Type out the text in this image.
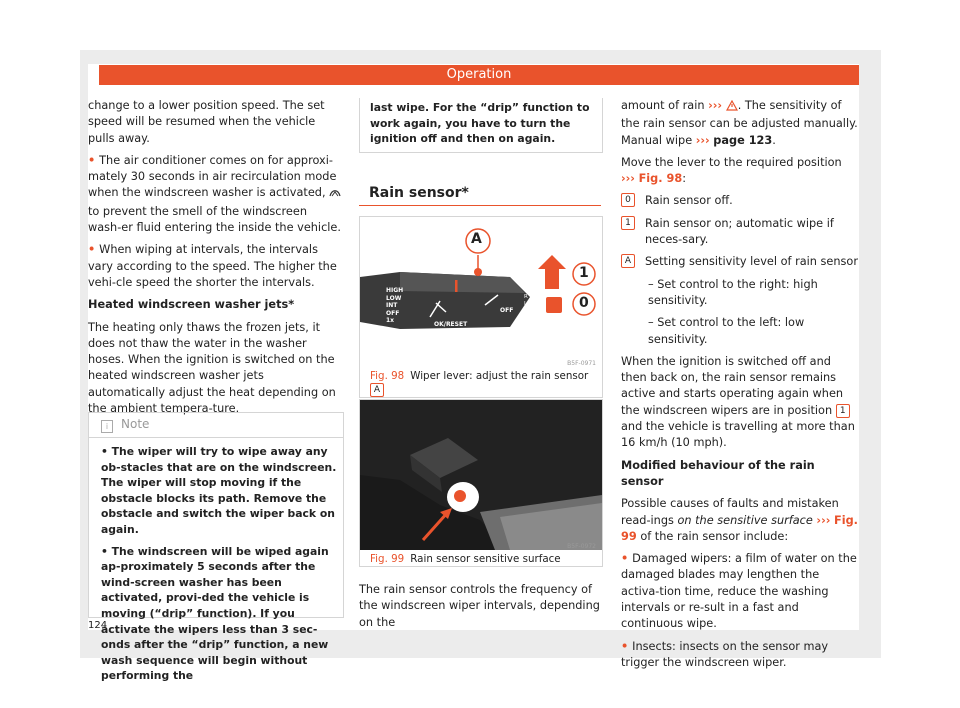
Operation

change to a lower position speed. The set speed will be resumed when the vehicle pulls away.

• The air conditioner comes on for approxi-mately 30 seconds in air recirculation mode when the windscreen washer is activated,  to prevent the smell of the windscreen wash-er fluid entering the inside the vehicle.

• When wiping at intervals, the intervals vary according to the speed. The higher the vehi-cle speed the shorter the intervals.

Heated windscreen washer jets*

The heating only thaws the frozen jets, it does not thaw the water in the washer hoses. When the ignition is switched on the heated windscreen washer jets automatically adjust the heat depending on the ambient tempera-ture.

i Note
• The wiper will try to wipe away any ob-stacles that are on the windscreen. The wiper will stop moving if the obstacle blocks its path. Remove the obstacle and switch the wiper back on again.
• The windscreen will be wiped again ap-proximately 5 seconds after the wind-screen washer has been activated, provi-ded the vehicle is moving (“drip” function). If you activate the wipers less than 3 sec-onds after the “drip” function, a new wash sequence will begin without performing the

last wipe. For the “drip” function to work again, you have to turn the ignition off and then on again.

Rain sensor*
A
1
0
HIGH
LOW
INT
OFF
1x
OK/RESET
OFF
T R I P
B5F-0971
Fig. 98 Wiper lever: adjust the rain sensor A
B5F-0972
Fig. 99 Rain sensor sensitive surface

The rain sensor controls the frequency of the windscreen wiper intervals, depending on the

amount of rain ››› . The sensitivity of the rain sensor can be adjusted manually. Manual wipe ››› page 123.

Move the lever to the required position
››› Fig. 98:

0	Rain sensor off.
1	Rain sensor on; automatic wipe if neces-sary.
A	Setting sensitivity level of rain sensor
– Set control to the right: high sensitivity.
– Set control to the left: low sensitivity.

When the ignition is switched off and then back on, the rain sensor remains active and starts operating again when the windscreen wipers are in position 1 and the vehicle is travelling at more than 16 km/h (10 mph).

Modified behaviour of the rain sensor

Possible causes of faults and mistaken read-ings on the sensitive surface ››› Fig. 99 of the rain sensor include:

• Damaged wipers: a film of water on the damaged blades may lengthen the activa-tion time, reduce the washing intervals or re-sult in a fast and continuous wipe.

• Insects: insects on the sensor may trigger the windscreen wiper.

124
